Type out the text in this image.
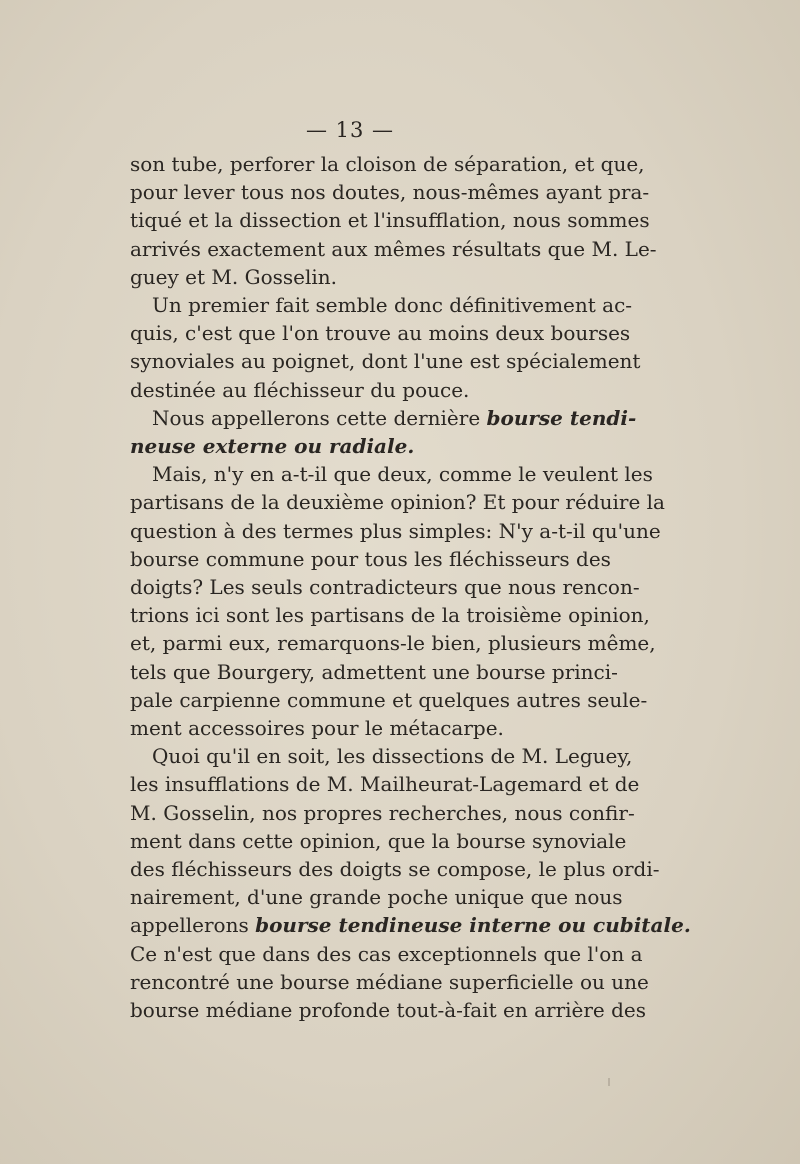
— 13 —
son tube, perforer la cloison de séparation, et que,
pour lever tous nos doutes, nous-mêmes ayant pra-
tiqué et la dissection et l'insufflation, nous sommes
arrivés exactement aux mêmes résultats que M. Le-
guey et M. Gosselin.
Un premier fait semble donc définitivement ac-
quis, c'est que l'on trouve au moins deux bourses
synoviales au poignet, dont l'une est spécialement
destinée au fléchisseur du pouce.
Nous appellerons cette dernière bourse tendi-
neuse externe ou radiale.
Mais, n'y en a-t-il que deux, comme le veulent les
partisans de la deuxième opinion? Et pour réduire la
question à des termes plus simples: N'y a-t-il qu'une
bourse commune pour tous les fléchisseurs des
doigts? Les seuls contradicteurs que nous rencon-
trions ici sont les partisans de la troisième opinion,
et, parmi eux, remarquons-le bien, plusieurs même,
tels que Bourgery, admettent une bourse princi-
pale carpienne commune et quelques autres seule-
ment accessoires pour le métacarpe.
Quoi qu'il en soit, les dissections de M. Leguey,
les insufflations de M. Mailheurat-Lagemard et de
M. Gosselin, nos propres recherches, nous confir-
ment dans cette opinion, que la bourse synoviale
des fléchisseurs des doigts se compose, le plus ordi-
nairement, d'une grande poche unique que nous
appellerons bourse tendineuse interne ou cubitale.
Ce n'est que dans des cas exceptionnels que l'on a
rencontré une bourse médiane superficielle ou une
bourse médiane profonde tout-à-fait en arrière des
